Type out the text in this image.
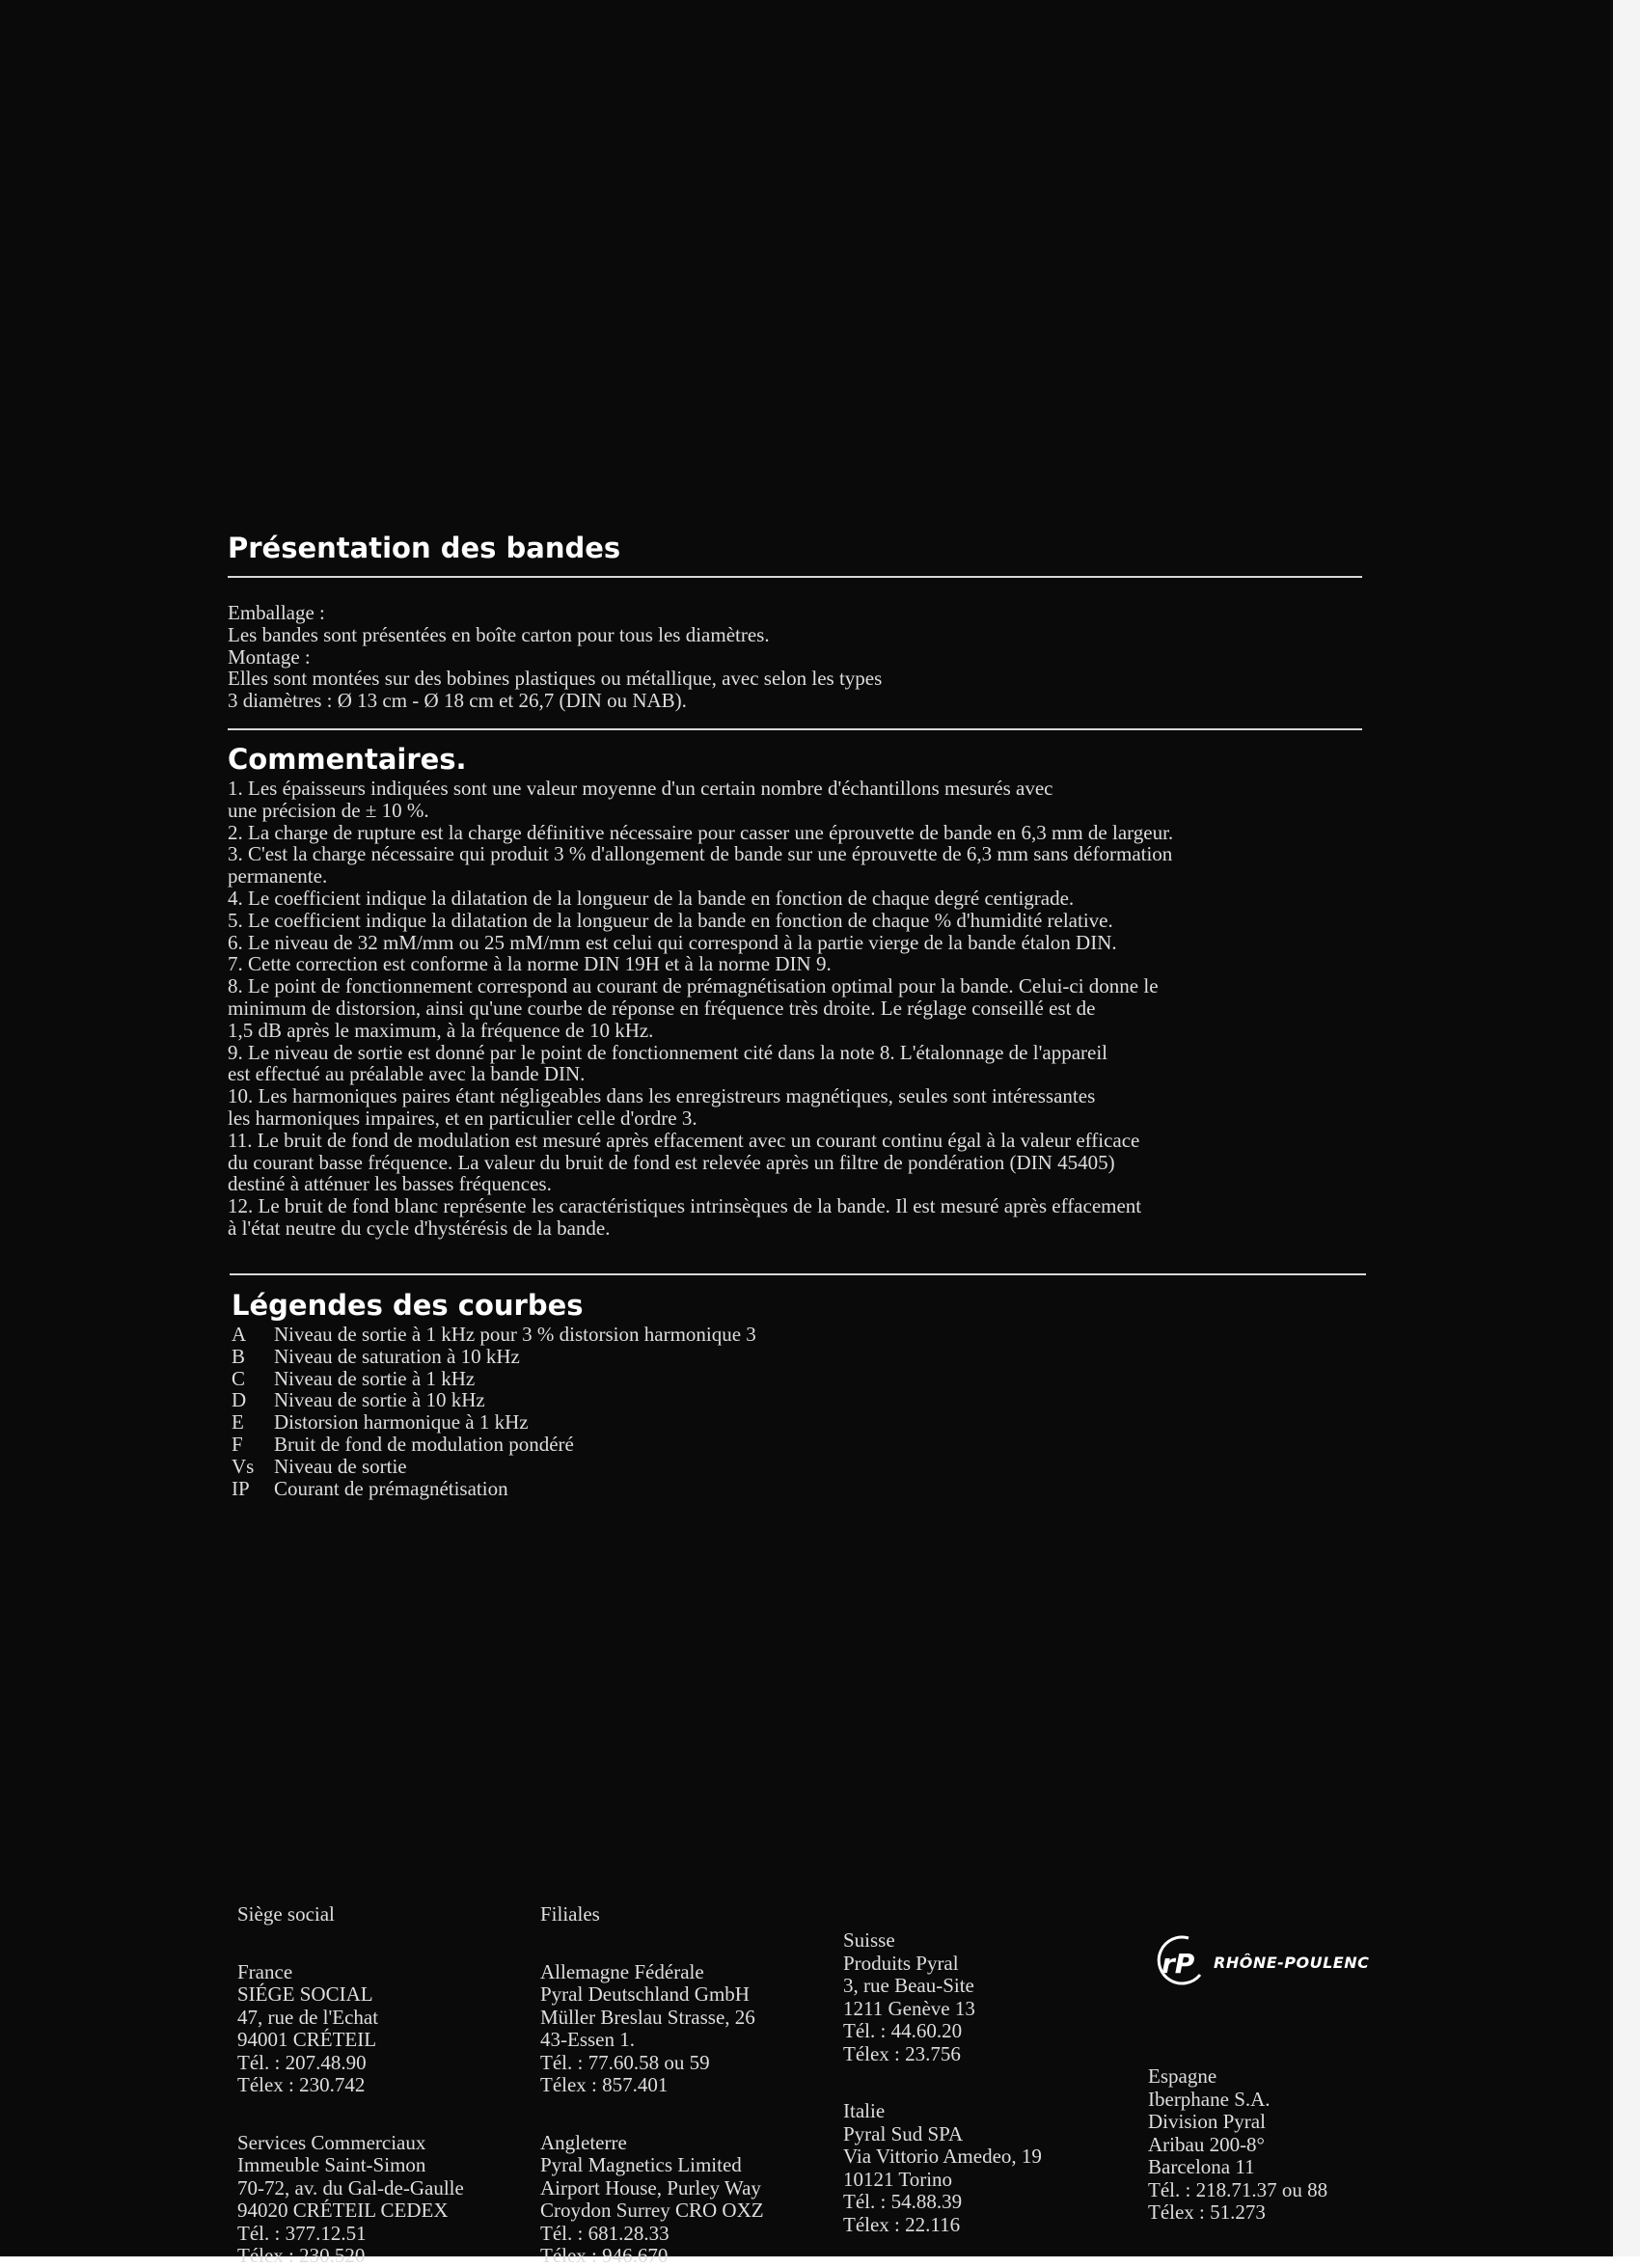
Présentation des bandes
Emballage :
Les bandes sont présentées en boîte carton pour tous les diamètres.
Montage :
Elles sont montées sur des bobines plastiques ou métallique, avec selon les types
3 diamètres : Ø 13 cm - Ø 18 cm et 26,7 (DIN ou NAB).
Commentaires.
1. Les épaisseurs indiquées sont une valeur moyenne d'un certain nombre d'échantillons mesurés avec
une précision de ± 10 %.
2. La charge de rupture est la charge définitive nécessaire pour casser une éprouvette de bande en 6,3 mm de largeur.
3. C'est la charge nécessaire qui produit 3 % d'allongement de bande sur une éprouvette de 6,3 mm sans déformation
permanente.
4. Le coefficient indique la dilatation de la longueur de la bande en fonction de chaque degré centigrade.
5. Le coefficient indique la dilatation de la longueur de la bande en fonction de chaque % d'humidité relative.
6. Le niveau de 32 mM/mm ou 25 mM/mm est celui qui correspond à la partie vierge de la bande étalon DIN.
7. Cette correction est conforme à la norme DIN 19H et à la norme DIN 9.
8. Le point de fonctionnement correspond au courant de prémagnétisation optimal pour la bande. Celui-ci donne le
minimum de distorsion, ainsi qu'une courbe de réponse en fréquence très droite. Le réglage conseillé est de
1,5 dB après le maximum, à la fréquence de 10 kHz.
9. Le niveau de sortie est donné par le point de fonctionnement cité dans la note 8. L'étalonnage de l'appareil
est effectué au préalable avec la bande DIN.
10. Les harmoniques paires étant négligeables dans les enregistreurs magnétiques, seules sont intéressantes
les harmoniques impaires, et en particulier celle d'ordre 3.
11. Le bruit de fond de modulation est mesuré après effacement avec un courant continu égal à la valeur efficace
du courant basse fréquence. La valeur du bruit de fond est relevée après un filtre de pondération (DIN 45405)
destiné à atténuer les basses fréquences.
12. Le bruit de fond blanc représente les caractéristiques intrinsèques de la bande. Il est mesuré après effacement
à l'état neutre du cycle d'hystérésis de la bande.
Légendes des courbes
A	Niveau de sortie à 1 kHz pour 3 % distorsion harmonique 3
B	Niveau de saturation à 10 kHz
C	Niveau de sortie à 1 kHz
D	Niveau de sortie à 10 kHz
E	Distorsion harmonique à 1 kHz
F	Bruit de fond de modulation pondéré
Vs Niveau de sortie
IP	Courant de prémagnétisation
Siège social
France
SIÉGE SOCIAL
47, rue de l'Echat
94001 CRÉTEIL
Tél. : 207.48.90
Télex : 230.742
Services Commerciaux
Immeuble Saint-Simon
70-72, av. du Gal-de-Gaulle
94020 CRÉTEIL CEDEX
Tél. : 377.12.51
Télex : 230.520
Filiales
Allemagne Fédérale
Pyral Deutschland GmbH
Müller Breslau Strasse, 26
43-Essen 1.
Tél. : 77.60.58 ou 59
Télex : 857.401
Angleterre
Pyral Magnetics Limited
Airport House, Purley Way
Croydon Surrey CRO OXZ
Tél. : 681.28.33
Télex : 946.670
Suisse
Produits Pyral
3, rue Beau-Site
1211 Genève 13
Tél. : 44.60.20
Télex : 23.756
Italie
Pyral Sud SPA
Via Vittorio Amedeo, 19
10121 Torino
Tél. : 54.88.39
Télex : 22.116
Espagne
Iberphane S.A.
Division Pyral
Aribau 200-8°
Barcelona 11
Tél. : 218.71.37 ou 88
Télex : 51.273
rP RHÔNE-POULENC
